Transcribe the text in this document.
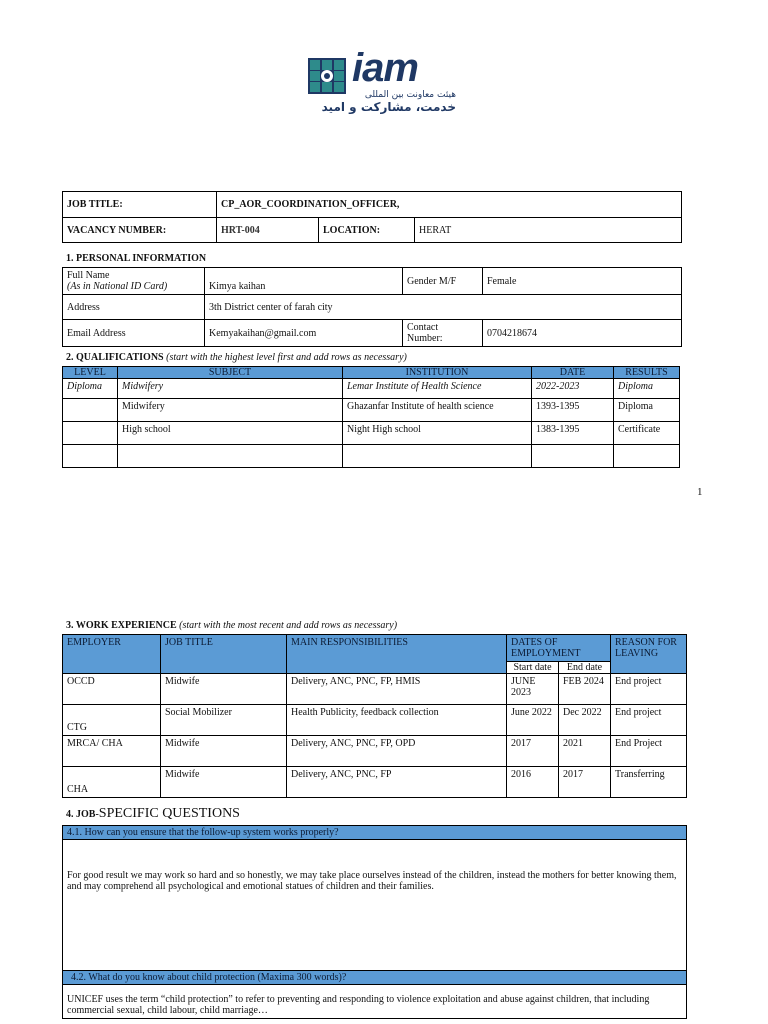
iam
هیئت معاونت بین المللی
خدمت، مشارکت و امید
JOB TITLE:	CP_AOR_COORDINATION_OFFICER,		
VACANCY NUMBER:	HRT-004	LOCATION:	HERAT
1. PERSONAL INFORMATION
Full Name
(As in National ID Card)	Kimya kaihan	Gender M/F	Female
Address	3th District center of farah city		
Email Address	Kemyakaihan@gmail.com	Contact
Number:	0704218674
2. QUALIFICATIONS (start with the highest level first and add rows as necessary)
LEVEL	SUBJECT	INSTITUTION	DATE	RESULTS
Diploma	Midwifery	Lemar Institute of Health Science	2022-2023	Diploma
	Midwifery	Ghazanfar Institute of health science	1393-1395	Diploma
	High school	Night High school	1383-1395	Certificate

1
3. WORK EXPERIENCE (start with the most recent and add rows as necessary)
EMPLOYER	JOB TITLE	MAIN RESPONSIBILITIES	DATES OF EMPLOYMENT		REASON FOR LEAVING
			Start date	End date	
OCCD	Midwife	Delivery, ANC, PNC, FP, HMIS	JUNE 2023	FEB 2024	End project
CTG	Social Mobilizer	Health Publicity, feedback collection	June 2022	Dec 2022	End project
MRCA/ CHA	Midwife	Delivery, ANC, PNC, FP, OPD	2017	2021	End Project
CHA	Midwife	Delivery, ANC, PNC, FP	2016	2017	Transferring
4. JOB-SPECIFIC QUESTIONS
4.1. How can you ensure that the follow-up system works properly?
For good result we may work so hard and so honestly, we may take place ourselves instead of the children, instead the mothers for better knowing them, and may comprehend all psychological and emotional statues of children and their families.
4.2. What do you know about child protection (Maxima 300 words)?
UNICEF uses the term “child protection” to refer to preventing and responding to violence exploitation and abuse against children, that including commercial sexual, child labour, child marriage…
